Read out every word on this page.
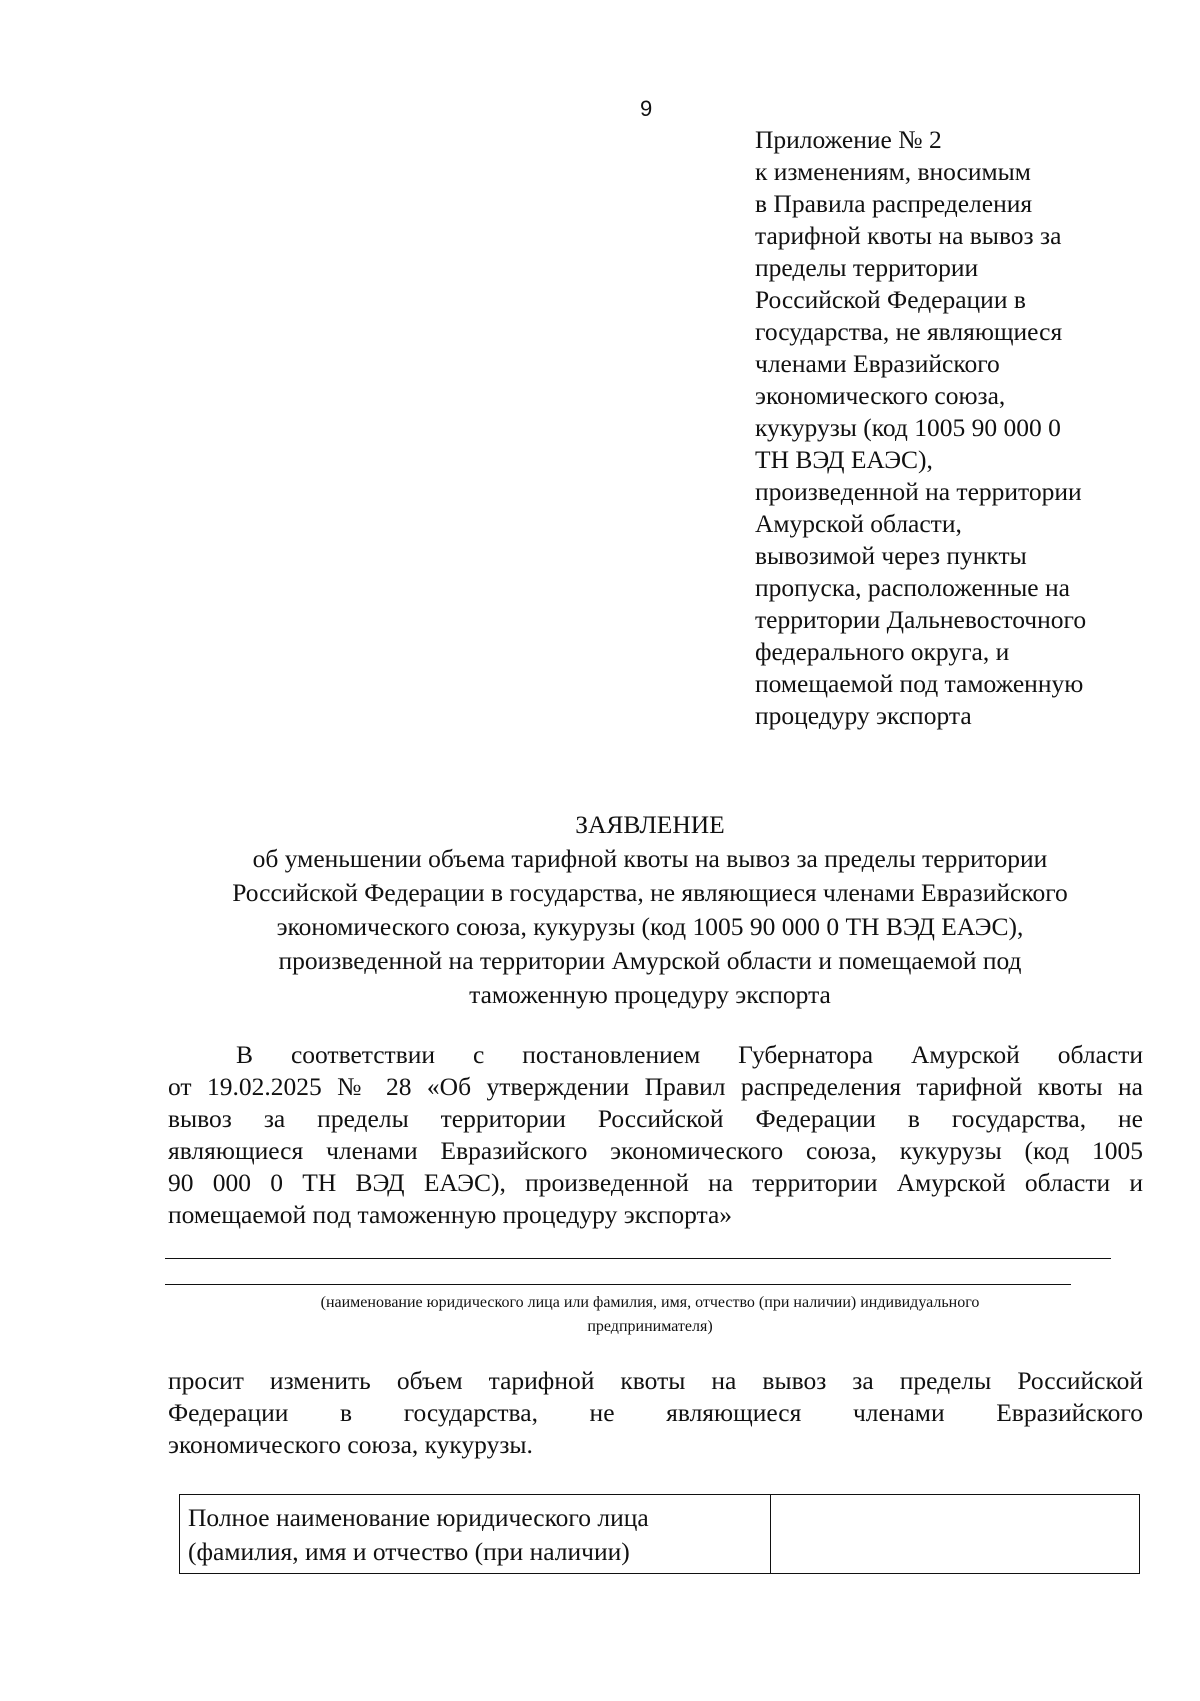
9
Приложение № 2
к изменениям, вносимым
в Правила распределения
тарифной квоты на вывоз за
пределы территории
Российской Федерации в
государства, не являющиеся
членами Евразийского
экономического союза,
кукурузы (код 1005 90 000 0
ТН ВЭД ЕАЭС),
произведенной на территории
Амурской области,
вывозимой через пункты
пропуска, расположенные на
территории Дальневосточного
федерального округа, и
помещаемой под таможенную
процедуру экспорта
ЗАЯВЛЕНИЕ
об уменьшении объема тарифной квоты на вывоз за пределы территории
Российской Федерации в государства, не являющиеся членами Евразийского
экономического союза, кукурузы (код 1005 90 000 0 ТН ВЭД ЕАЭС),
произведенной на территории Амурской области и помещаемой под
таможенную процедуру экспорта
В соответствии с постановлением Губернатора Амурской области
от 19.02.2025 № 28 «Об утверждении Правил распределения тарифной квоты на
вывоз за пределы территории Российской Федерации в государства, не
являющиеся членами Евразийского экономического союза, кукурузы (код 1005
90 000 0 ТН ВЭД ЕАЭС), произведенной на территории Амурской области и
помещаемой под таможенную процедуру экспорта»
(наименование юридического лица или фамилия, имя, отчество (при наличии) индивидуального
предпринимателя)
просит изменить объем тарифной квоты на вывоз за пределы Российской
Федерации в государства, не являющиеся членами Евразийского
экономического союза, кукурузы.
Полное наименование юридического лица
(фамилия, имя и отчество (при наличии)
